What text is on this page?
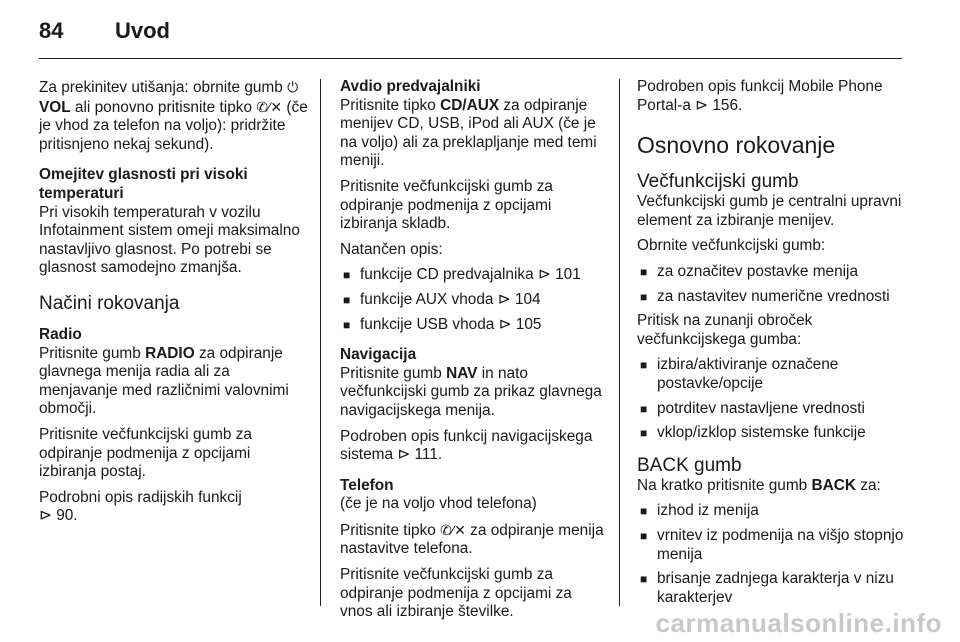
84 Uvod

Za prekinitev utišanja: obrnite gumb ⏻ VOL ali ponovno pritisnite tipko ✆⁄✕ (če je vhod za telefon na voljo): pridržite pritisnjeno nekaj sekund).

Omejitev glasnosti pri visoki temperaturi

Pri visokih temperaturah v vozilu Infotainment sistem omeji maksimalno nastavljivo glasnost. Po potrebi se glasnost samodejno zmanjša.

Načini rokovanja

Radio

Pritisnite gumb RADIO za odpiranje glavnega menija radia ali za menjavanje med različnimi valovnimi območji.

Pritisnite večfunkcijski gumb za odpiranje podmenija z opcijami izbiranja postaj.

Podrobni opis radijskih funkcij
⊳ 90.

Avdio predvajalniki

Pritisnite tipko CD/AUX za odpiranje menijev CD, USB, iPod ali AUX (če je na voljo) ali za preklapljanje med temi meniji.

Pritisnite večfunkcijski gumb za odpiranje podmenija z opcijami izbiranja skladb.

Natančen opis:

■ funkcije CD predvajalnika ⊳ 101
■ funkcije AUX vhoda ⊳ 104
■ funkcije USB vhoda ⊳ 105

Navigacija

Pritisnite gumb NAV in nato večfunkcijski gumb za prikaz glavnega navigacijskega menija.

Podroben opis funkcij navigacijskega sistema ⊳ 111.

Telefon

(če je na voljo vhod telefona)

Pritisnite tipko ✆⁄✕ za odpiranje menija nastavitve telefona.

Pritisnite večfunkcijski gumb za odpiranje podmenija z opcijami za vnos ali izbiranje številke.

Podroben opis funkcij Mobile Phone Portal-a ⊳ 156.

Osnovno rokovanje
Večfunkcijski gumb

Večfunkcijski gumb je centralni upravni element za izbiranje menijev.

Obrnite večfunkcijski gumb:

■ za označitev postavke menija
■ za nastavitev numerične vrednosti

Pritisk na zunanji obroček večfunkcijskega gumba:

■ izbira/aktiviranje označene postavke/opcije
■ potrditev nastavljene vrednosti
■ vklop/izklop sistemske funkcije
BACK gumb

Na kratko pritisnite gumb BACK za:

■ izhod iz menija
■ vrnitev iz podmenija na višjo stopnjo menija
■ brisanje zadnjega karakterja v nizu karakterjev
carmanualsonline.info
